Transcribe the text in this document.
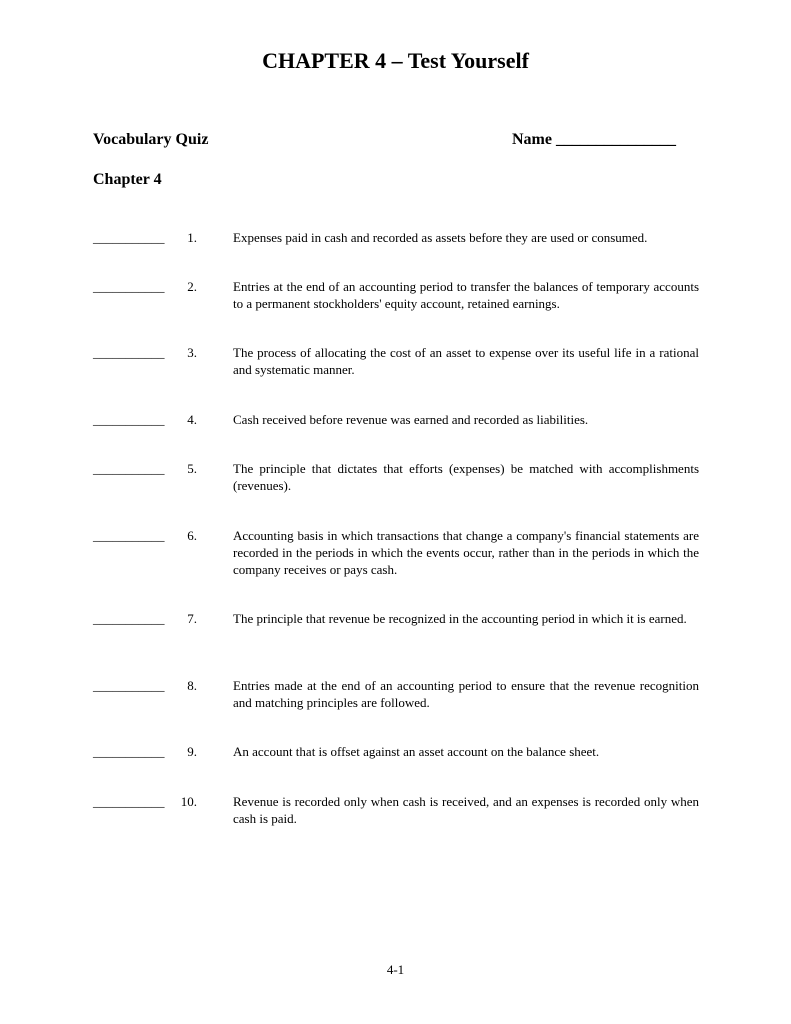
CHAPTER 4 – Test Yourself
Vocabulary Quiz	Name _______________
Chapter 4
___________	1.	Expenses paid in cash and recorded as assets before they are used or consumed.
___________	2.	Entries at the end of an accounting period to transfer the balances of temporary accounts to a permanent stockholders' equity account, retained earnings.
___________	3.	The process of allocating the cost of an asset to expense over its useful life in a rational and systematic manner.
___________	4.	Cash received before revenue was earned and recorded as liabilities.
___________	5.	The principle that dictates that efforts (expenses) be matched with accomplishments (revenues).
___________	6.	Accounting basis in which transactions that change a company's financial statements are recorded in the periods in which the events occur, rather than in the periods in which the company receives or pays cash.
___________	7.	The principle that revenue be recognized in the accounting period in which it is earned.
___________	8.	Entries made at the end of an accounting period to ensure that the revenue recognition and matching principles are followed.
___________	9.	An account that is offset against an asset account on the balance sheet.
___________	10.	Revenue is recorded only when cash is received, and an expenses is recorded only when cash is paid.
4-1
